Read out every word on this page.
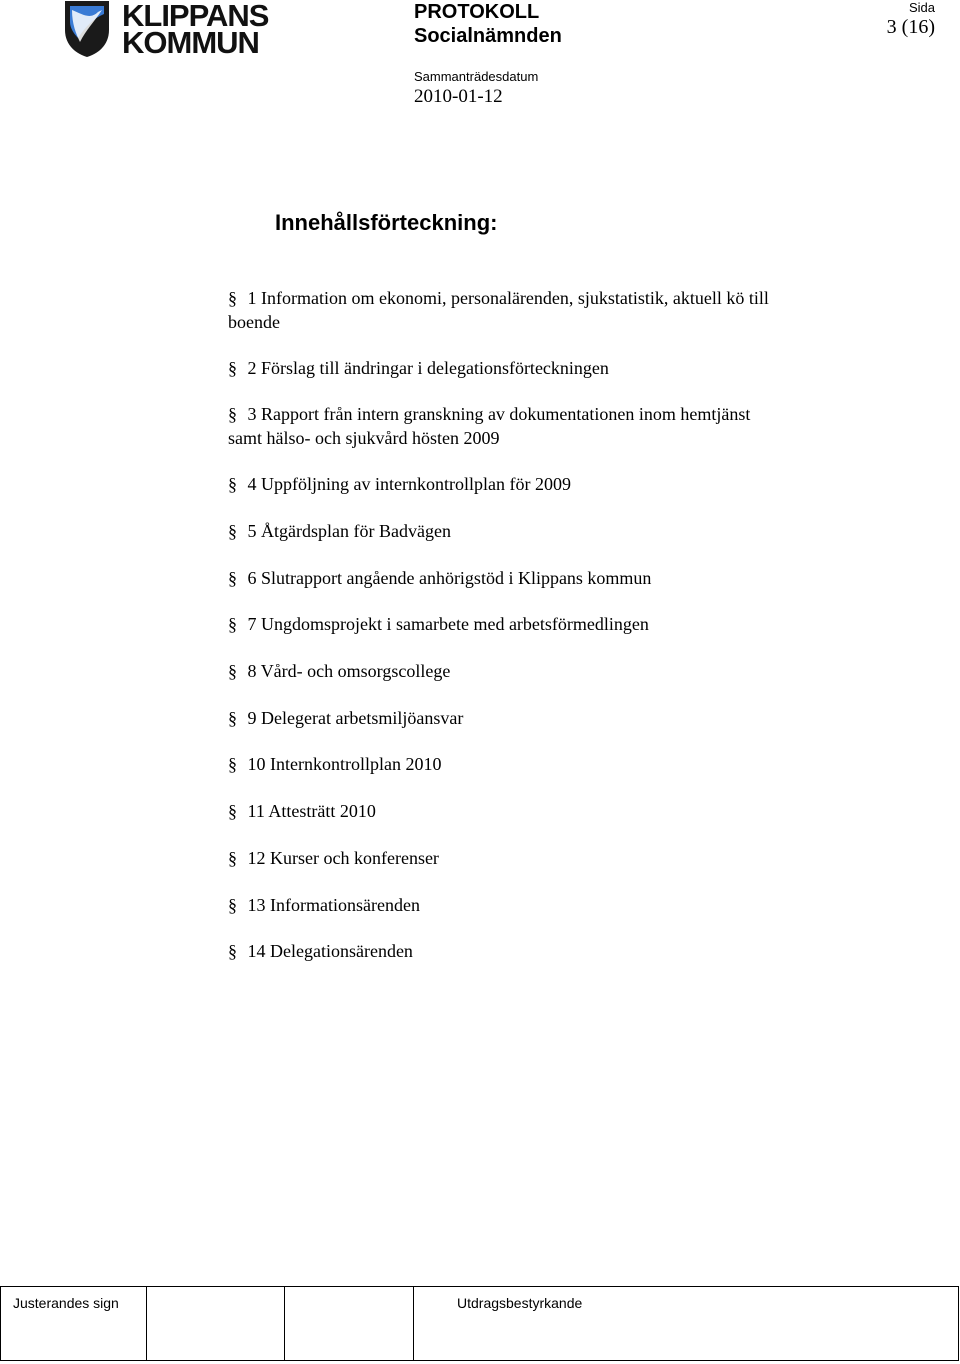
KLIPPANS
KOMMUN
PROTOKOLL
Socialnämnden
Sammanträdesdatum
2010-01-12
Sida
3 (16)
Innehållsförteckning:
§ 1 Information om ekonomi, personalärenden, sjukstatistik, aktuell kö till
boende
§ 2 Förslag till ändringar i delegationsförteckningen
§ 3 Rapport från intern granskning av dokumentationen inom hemtjänst
samt hälso- och sjukvård hösten 2009
§ 4 Uppföljning av internkontrollplan för 2009
§ 5 Åtgärdsplan för Badvägen
§ 6 Slutrapport angående anhörigstöd i Klippans kommun
§ 7 Ungdomsprojekt i samarbete med arbetsförmedlingen
§ 8 Vård- och omsorgscollege
§ 9 Delegerat arbetsmiljöansvar
§ 10 Internkontrollplan 2010
§ 11 Attesträtt 2010
§ 12 Kurser och konferenser
§ 13 Informationsärenden
§ 14 Delegationsärenden
Justerandes sign	Utdragsbestyrkande
